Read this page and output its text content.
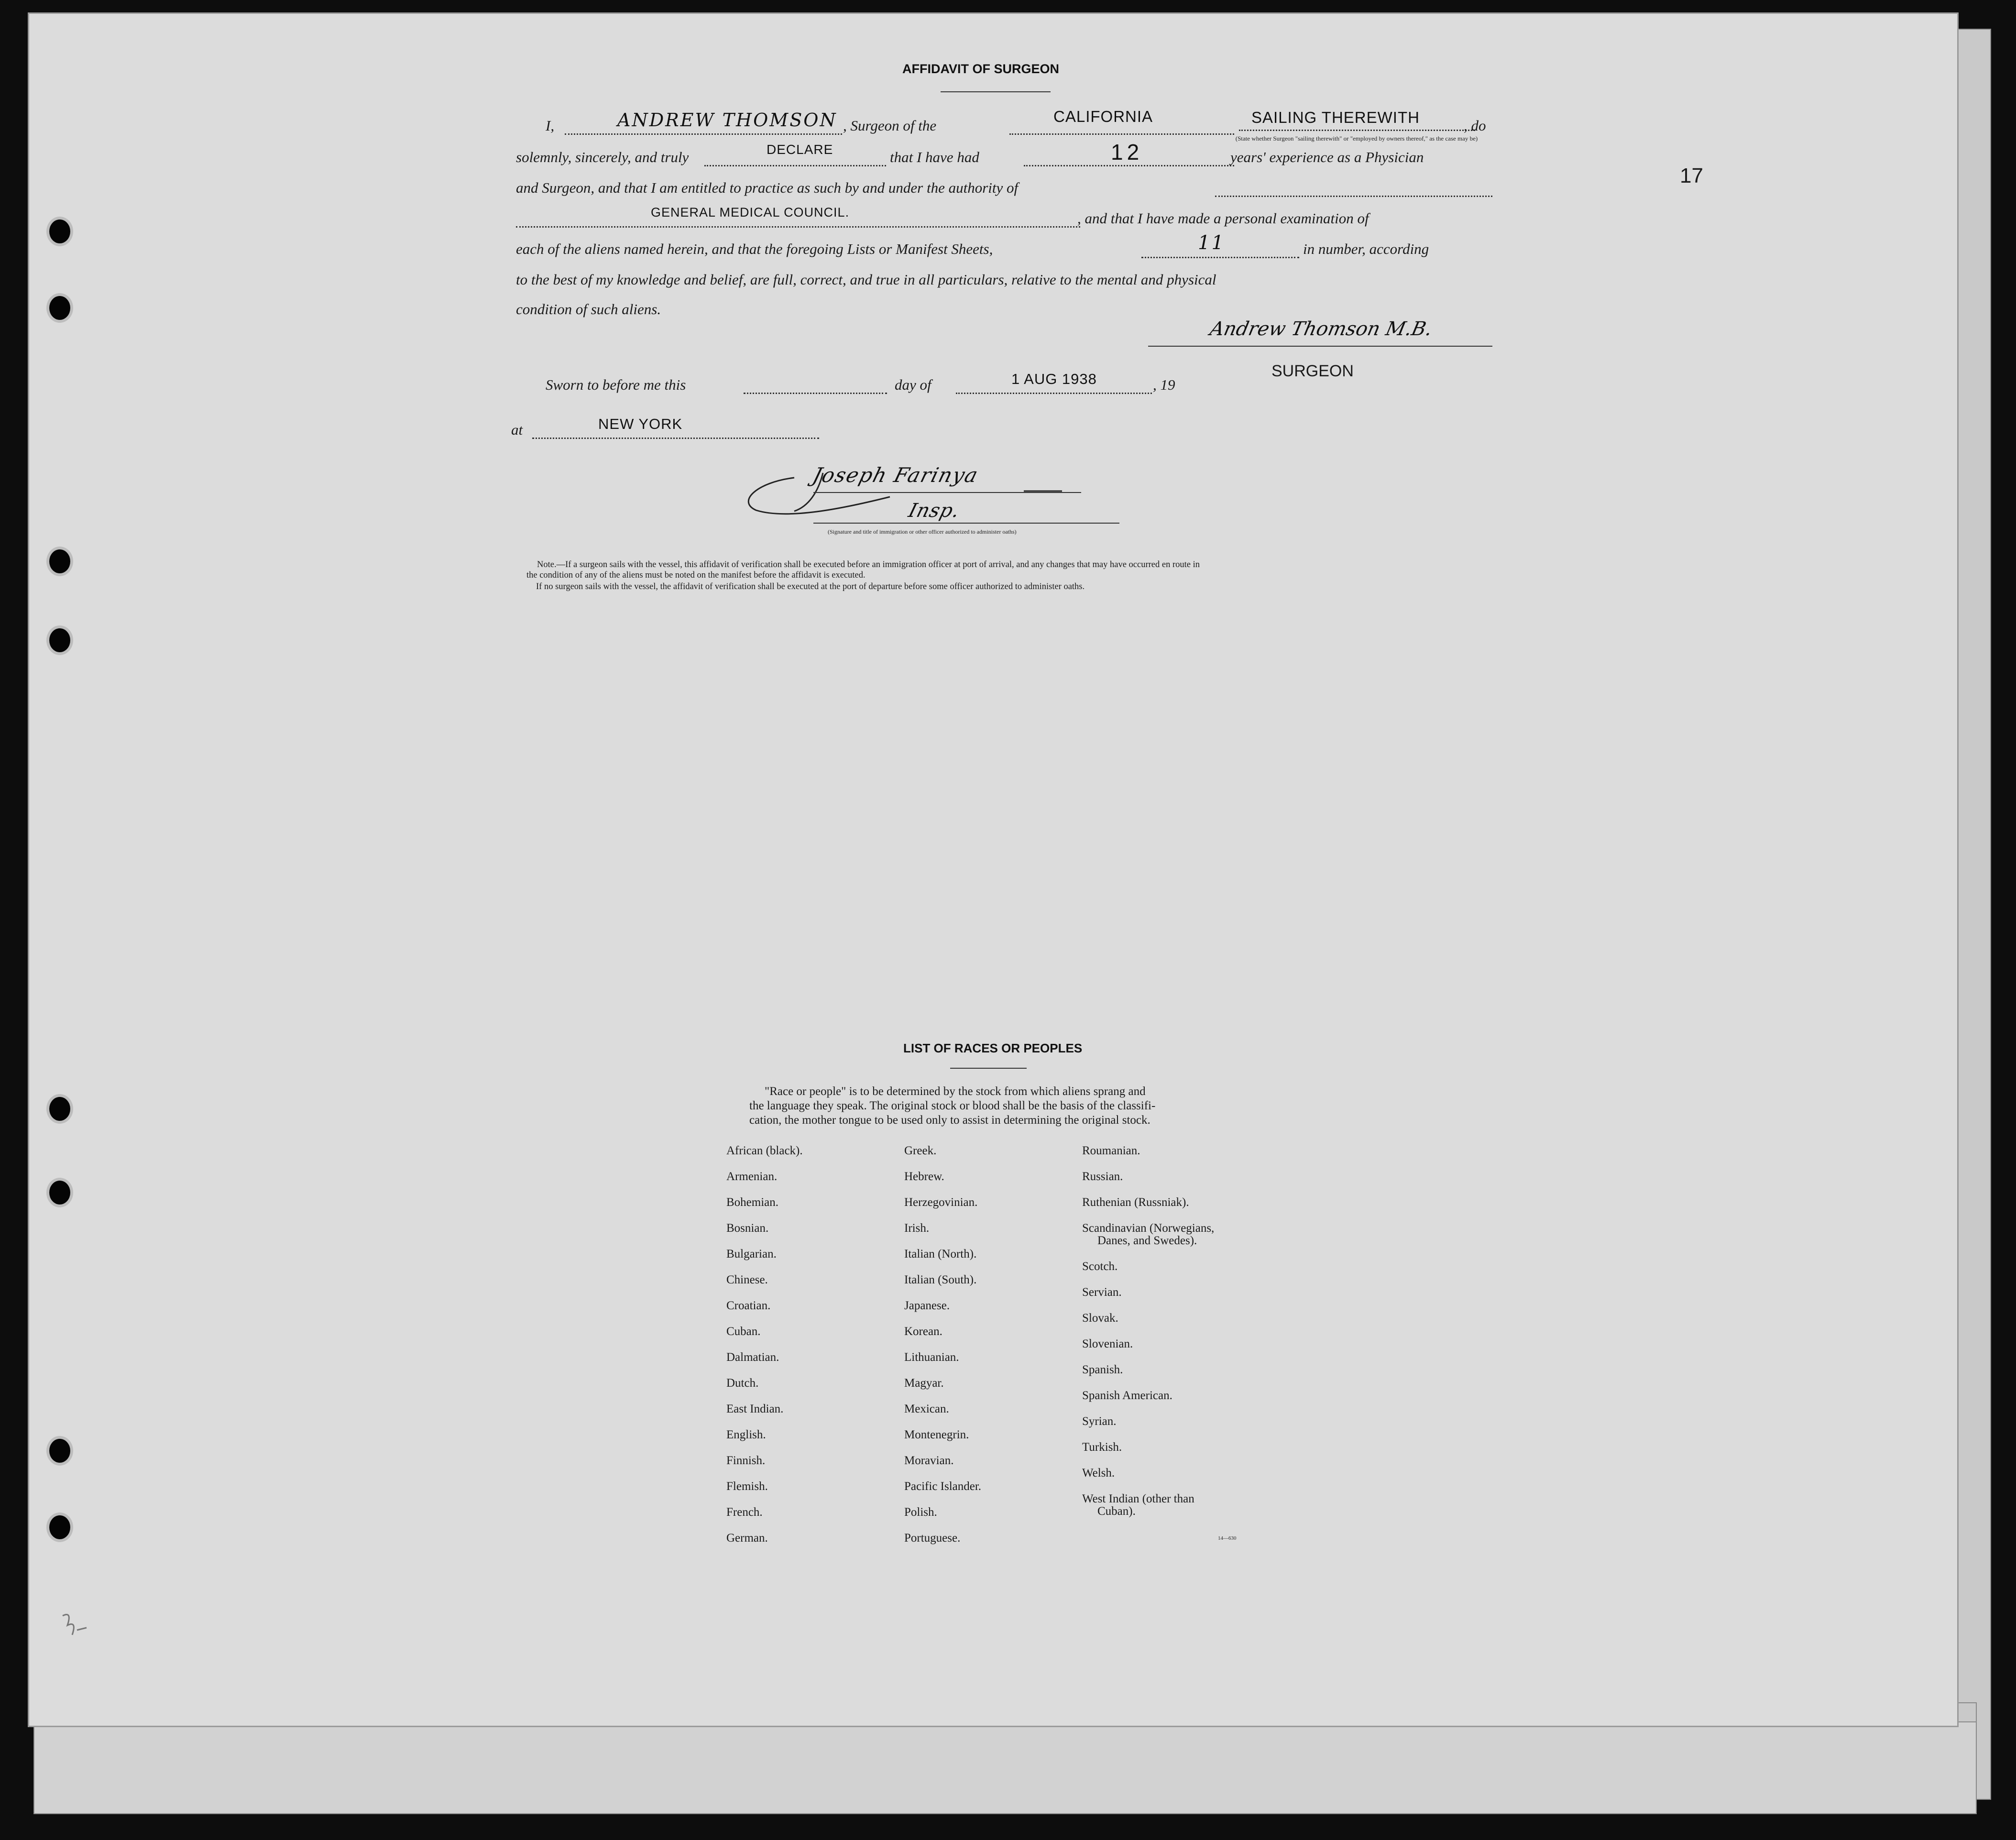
17
AFFIDAVIT OF SURGEON
I,	ANDREW THOMSON , Surgeon of the
CALIFORNIA	SAILING THEREWITH	, do
(State whether Surgeon "sailing therewith" or "employed by owners thereof," as the case may be)
solemnly, sincerely, and truly	DECLARE	that I have had	12	years' experience as a Physician
and Surgeon, and that I am entitled to practice as such by and under the authority of
GENERAL MEDICAL COUNCIL.	, and that I have made a personal examination of
each of the aliens named herein, and that the foregoing Lists or Manifest Sheets,	11	in number, according
to the best of my knowledge and belief, are full, correct, and true in all particulars, relative to the mental and physical
condition of such aliens.
Andrew Thomson M.B.
SURGEON
Sworn to before me this	day of	1 AUG 1938	, 19
at	NEW YORK
Joseph Farinya
Insp.
(Signature and title of immigration or other officer authorized to administer oaths)
Note.—If a surgeon sails with the vessel, this affidavit of verification shall be executed before an immigration officer at port of arrival, and any changes that may have occurred en route in
the condition of any of the aliens must be noted on the manifest before the affidavit is executed.
If no surgeon sails with the vessel, the affidavit of verification shall be executed at the port of departure before some officer authorized to administer oaths.
LIST OF RACES OR PEOPLES
"Race or people" is to be determined by the stock from which aliens sprang and
the language they speak. The original stock or blood shall be the basis of the classifi-
cation, the mother tongue to be used only to assist in determining the original stock.
African (black).
Armenian.
Bohemian.
Bosnian.
Bulgarian.
Chinese.
Croatian.
Cuban.
Dalmatian.
Dutch.
East Indian.
English.
Finnish.
Flemish.
French.
German.
Greek.
Hebrew.
Herzegovinian.
Irish.
Italian (North).
Italian (South).
Japanese.
Korean.
Lithuanian.
Magyar.
Mexican.
Montenegrin.
Moravian.
Pacific Islander.
Polish.
Portuguese.
Roumanian.
Russian.
Ruthenian (Russniak).
Scandinavian (Norwegians,
Danes, and Swedes).
Scotch.
Servian.
Slovak.
Slovenian.
Spanish.
Spanish American.
Syrian.
Turkish.
Welsh.
West Indian (other than
Cuban).
14—630
